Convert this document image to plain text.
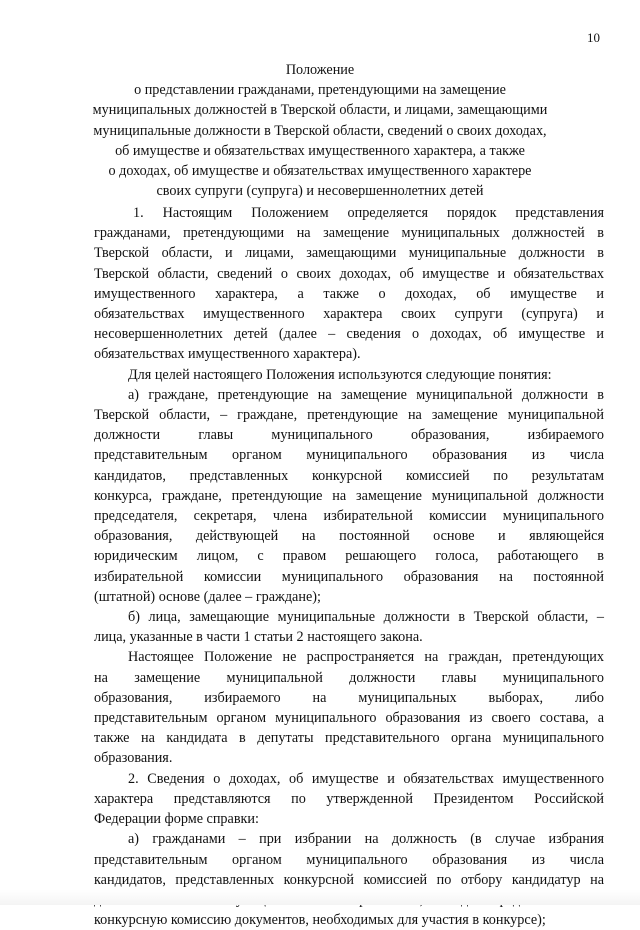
10
Положение
о представлении гражданами, претендующими на замещение
муниципальных должностей в Тверской области, и лицами, замещающими
муниципальные должности в Тверской области, сведений о своих доходах,
об имуществе и обязательствах имущественного характера, а также
о доходах, об имуществе и обязательствах имущественного характере
своих супруги (супруга) и несовершеннолетних детей
1. Настоящим Положением определяется порядок представления
гражданами, претендующими на замещение муниципальных должностей в
Тверской области, и лицами, замещающими муниципальные должности в
Тверской области, сведений о своих доходах, об имуществе и обязательствах
имущественного характера, а также о доходах, об имуществе и
обязательствах имущественного характера своих супруги (супруга) и
несовершеннолетних детей (далее – сведения о доходах, об имуществе и
обязательствах имущественного характера).
Для целей настоящего Положения используются следующие понятия:
а) граждане, претендующие на замещение муниципальной должности в
Тверской области, – граждане, претендующие на замещение муниципальной
должности главы муниципального образования, избираемого
представительным органом муниципального образования из числа
кандидатов, представленных конкурсной комиссией по результатам
конкурса, граждане, претендующие на замещение муниципальной должности
председателя, секретаря, члена избирательной комиссии муниципального
образования, действующей на постоянной основе и являющейся
юридическим лицом, с правом решающего голоса, работающего в
избирательной комиссии муниципального образования на постоянной
(штатной) основе (далее – граждане);
б) лица, замещающие муниципальные должности в Тверской области, –
лица, указанные в части 1 статьи 2 настоящего закона.
Настоящее Положение не распространяется на граждан, претендующих
на замещение муниципальной должности главы муниципального
образования, избираемого на муниципальных выборах, либо
представительным органом муниципального образования из своего состава, а
также на кандидата в депутаты представительного органа муниципального
образования.
2. Сведения о доходах, об имуществе и обязательствах имущественного
характера представляются по утвержденной Президентом Российской
Федерации форме справки:
а) гражданами – при избрании на должность (в случае избрания
представительным органом муниципального образования из числа
кандидатов, представленных конкурсной комиссией по отбору кандидатур на
конкурсную комиссию документов, необходимых для участия в конкурсе);
